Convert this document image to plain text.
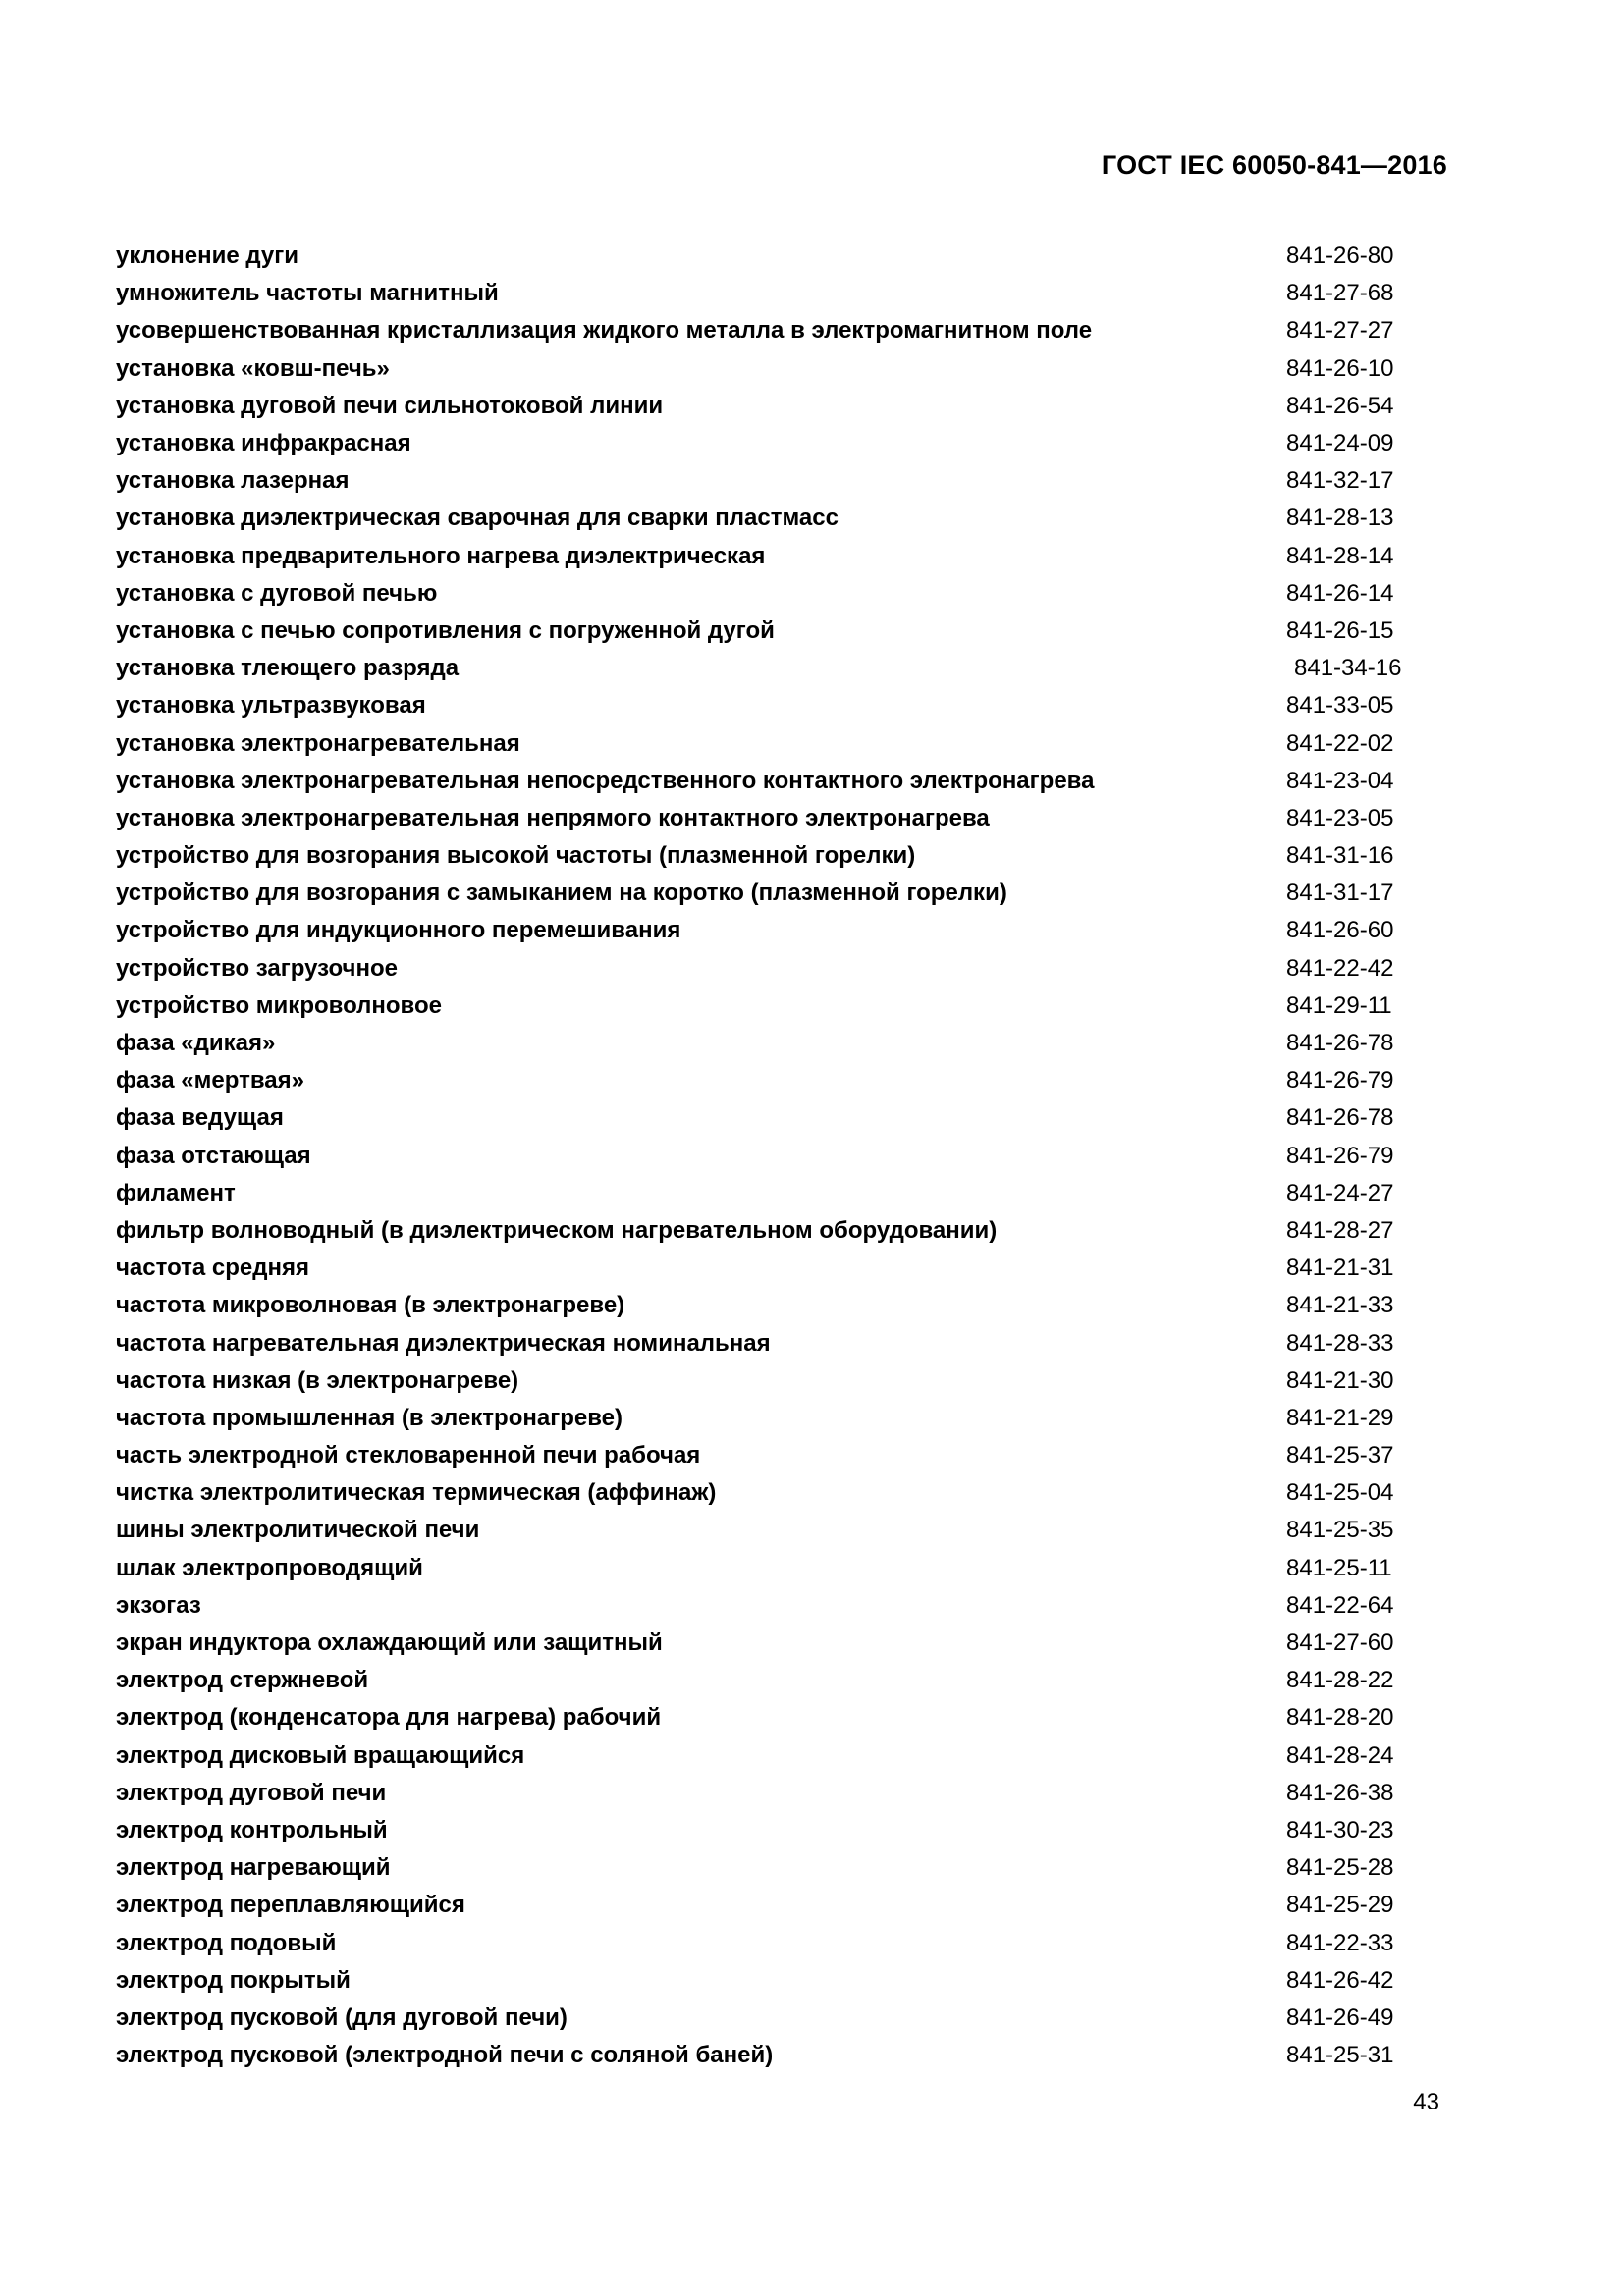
ГОСТ IEC 60050-841—2016
уклонение дуги	841-26-80
умножитель частоты магнитный	841-27-68
усовершенствованная кристаллизация жидкого металла в электромагнитном поле	841-27-27
установка «ковш-печь»	841-26-10
установка дуговой печи сильнотоковой линии	841-26-54
установка инфракрасная	841-24-09
установка лазерная	841-32-17
установка диэлектрическая сварочная для сварки пластмасс	841-28-13
установка предварительного нагрева диэлектрическая	841-28-14
установка с дуговой печью	841-26-14
установка с печью сопротивления с погруженной дугой	841-26-15
установка тлеющего разряда	841-34-16
установка ультразвуковая	841-33-05
установка электронагревательная	841-22-02
установка электронагревательная непосредственного контактного электронагрева	841-23-04
установка электронагревательная непрямого контактного электронагрева	841-23-05
устройство для возгорания высокой частоты (плазменной горелки)	841-31-16
устройство для возгорания с замыканием на коротко (плазменной горелки)	841-31-17
устройство для индукционного перемешивания	841-26-60
устройство загрузочное	841-22-42
устройство микроволновое	841-29-11
фаза «дикая»	841-26-78
фаза «мертвая»	841-26-79
фаза ведущая	841-26-78
фаза отстающая	841-26-79
филамент	841-24-27
фильтр волноводный (в диэлектрическом нагревательном оборудовании)	841-28-27
частота средняя	841-21-31
частота микроволновая (в электронагреве)	841-21-33
частота нагревательная диэлектрическая номинальная	841-28-33
частота низкая (в электронагреве)	841-21-30
частота промышленная (в электронагреве)	841-21-29
часть электродной стекловаренной печи рабочая	841-25-37
чистка электролитическая термическая (аффинаж)	841-25-04
шины электролитической печи	841-25-35
шлак электропроводящий	841-25-11
экзогаз	841-22-64
экран индуктора охлаждающий или защитный	841-27-60
электрод стержневой	841-28-22
электрод (конденсатора для нагрева) рабочий	841-28-20
электрод дисковый вращающийся	841-28-24
электрод дуговой печи	841-26-38
электрод контрольный	841-30-23
электрод нагревающий	841-25-28
электрод переплавляющийся	841-25-29
электрод подовый	841-22-33
электрод покрытый	841-26-42
электрод пусковой (для дуговой печи)	841-26-49
электрод пусковой (электродной печи с соляной баней)	841-25-31
43
